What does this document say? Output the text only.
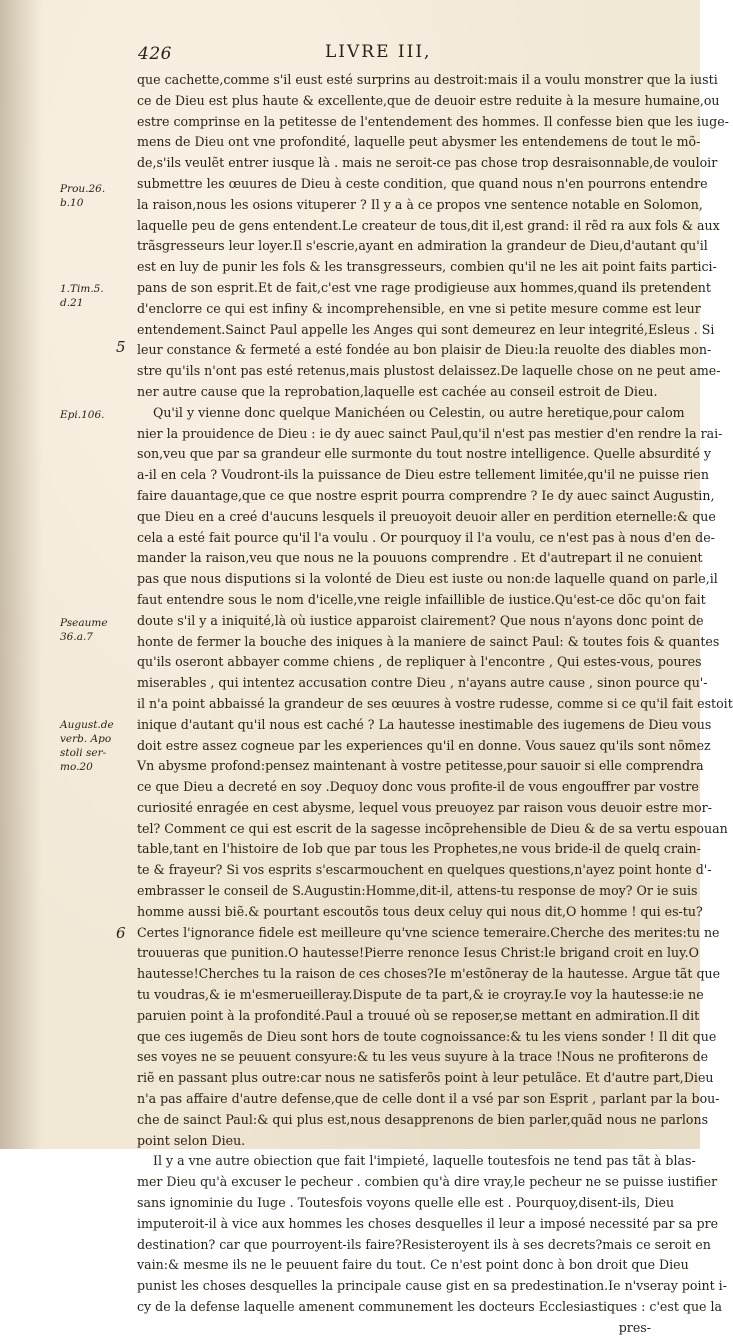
426	LIVRE III,
Prou.26.
b.10
1.Tim.5.
d.21
Epi.106.
Pseaume
36.a.7
August.de
verb. Apo
stoli ser-
mo.20
5
6
que cachette,comme s'il eust esté surprins au destroit:mais il a voulu monstrer que la iusti
ce de Dieu est plus haute & excellente,que de deuoir estre reduite à la mesure humaine,ou
estre comprinse en la petitesse de l'entendement des hommes. Il confesse bien que les iuge-
mens de Dieu ont vne profondité, laquelle peut abysmer les entendemens de tout le mõ-
de,s'ils veulẽt entrer iusque là . mais ne seroit-ce pas chose trop desraisonnable,de vouloir
submettre les œuures de Dieu à ceste condition, que quand nous n'en pourrons entendre
la raison,nous les osions vituperer ? Il y a à ce propos vne sentence notable en Solomon,
laquelle peu de gens entendent.Le createur de tous,dit il,est grand: il rẽd ra aux fols & aux
trãsgresseurs leur loyer.Il s'escrie,ayant en admiration la grandeur de Dieu,d'autant qu'il
est en luy de punir les fols & les transgresseurs, combien qu'il ne les ait point faits partici-
pans de son esprit.Et de fait,c'est vne rage prodigieuse aux hommes,quand ils pretendent
d'enclorre ce qui est infiny & incomprehensible, en vne si petite mesure comme est leur
entendement.Sainct Paul appelle les Anges qui sont demeurez en leur integrité,Esleus . Si
leur constance & fermeté a esté fondée au bon plaisir de Dieu:la reuolte des diables mon-
stre qu'ils n'ont pas esté retenus,mais plustost delaissez.De laquelle chose on ne peut ame-
ner autre cause que la reprobation,laquelle est cachée au conseil estroit de Dieu.
Qu'il y vienne donc quelque Manichéen ou Celestin, ou autre heretique,pour calom
nier la prouidence de Dieu : ie dy auec sainct Paul,qu'il n'est pas mestier d'en rendre la rai-
son,veu que par sa grandeur elle surmonte du tout nostre intelligence. Quelle absurdité y
a-il en cela ? Voudront-ils la puissance de Dieu estre tellement limitée,qu'il ne puisse rien
faire dauantage,que ce que nostre esprit pourra comprendre ? Ie dy auec sainct Augustin,
que Dieu en a creé d'aucuns lesquels il preuoyoit deuoir aller en perdition eternelle:& que
cela a esté fait pource qu'il l'a voulu . Or pourquoy il l'a voulu, ce n'est pas à nous d'en de-
mander la raison,veu que nous ne la pouuons comprendre . Et d'autrepart il ne conuient
pas que nous disputions si la volonté de Dieu est iuste ou non:de laquelle quand on parle,il
faut entendre sous le nom d'icelle,vne reigle infaillible de iustice.Qu'est-ce dõc qu'on fait
doute s'il y a iniquité,là où iustice apparoist clairement? Que nous n'ayons donc point de
honte de fermer la bouche des iniques à la maniere de sainct Paul: & toutes fois & quantes
qu'ils oseront abbayer comme chiens , de repliquer à l'encontre , Qui estes-vous, poures
miserables , qui intentez accusation contre Dieu , n'ayans autre cause , sinon pource qu'-
il n'a point abbaissé la grandeur de ses œuures à vostre rudesse, comme si ce qu'il fait estoit
inique d'autant qu'il nous est caché ? La hautesse inestimable des iugemens de Dieu vous
doit estre assez cogneue par les experiences qu'il en donne. Vous sauez qu'ils sont nõmez
Vn abysme profond:pensez maintenant à vostre petitesse,pour sauoir si elle comprendra
ce que Dieu a decreté en soy .Dequoy donc vous profite-il de vous engouffrer par vostre
curiosité enragée en cest abysme, lequel vous preuoyez par raison vous deuoir estre mor-
tel? Comment ce qui est escrit de la sagesse incõprehensible de Dieu & de sa vertu espouan
table,tant en l'histoire de Iob que par tous les Prophetes,ne vous bride-il de quelq crain-
te & frayeur? Si vos esprits s'escarmouchent en quelques questions,n'ayez point honte d'-
embrasser le conseil de S.Augustin:Homme,dit-il, attens-tu response de moy? Or ie suis
homme aussi biẽ.& pourtant escoutõs tous deux celuy qui nous dit,O homme ! qui es-tu?
Certes l'ignorance fidele est meilleure qu'vne science temeraire.Cherche des merites:tu ne
trouueras que punition.O hautesse!Pierre renonce Iesus Christ:le brigand croit en luy.O
hautesse!Cherches tu la raison de ces choses?Ie m'estõneray de la hautesse. Argue tãt que
tu voudras,& ie m'esmerueilleray.Dispute de ta part,& ie croyray.Ie voy la hautesse:ie ne
paruien point à la profondité.Paul a trouué où se reposer,se mettant en admiration.Il dit
que ces iugemẽs de Dieu sont hors de toute cognoissance:& tu les viens sonder ! Il dit que
ses voyes ne se peuuent consyure:& tu les veus suyure à la trace !Nous ne profiterons de
riẽ en passant plus outre:car nous ne satisferõs point à leur petulãce. Et d'autre part,Dieu
n'a pas affaire d'autre defense,que de celle dont il a vsé par son Esprit , parlant par la bou-
che de sainct Paul:& qui plus est,nous desapprenons de bien parler,quãd nous ne parlons
point selon Dieu.
Il y a vne autre obiection que fait l'impieté, laquelle toutesfois ne tend pas tãt à blas-
mer Dieu qu'à excuser le pecheur . combien qu'à dire vray,le pecheur ne se puisse iustifier
sans ignominie du Iuge . Toutesfois voyons quelle elle est . Pourquoy,disent-ils, Dieu
imputeroit-il à vice aux hommes les choses desquelles il leur a imposé necessité par sa pre
destination? car que pourroyent-ils faire?Resisteroyent ils à ses decrets?mais ce seroit en
vain:& mesme ils ne le peuuent faire du tout. Ce n'est point donc à bon droit que Dieu
punist les choses desquelles la principale cause gist en sa predestination.Ie n'vseray point i-
cy de la defense laquelle amenent communement les docteurs Ecclesiastiques : c'est que la
pres-
